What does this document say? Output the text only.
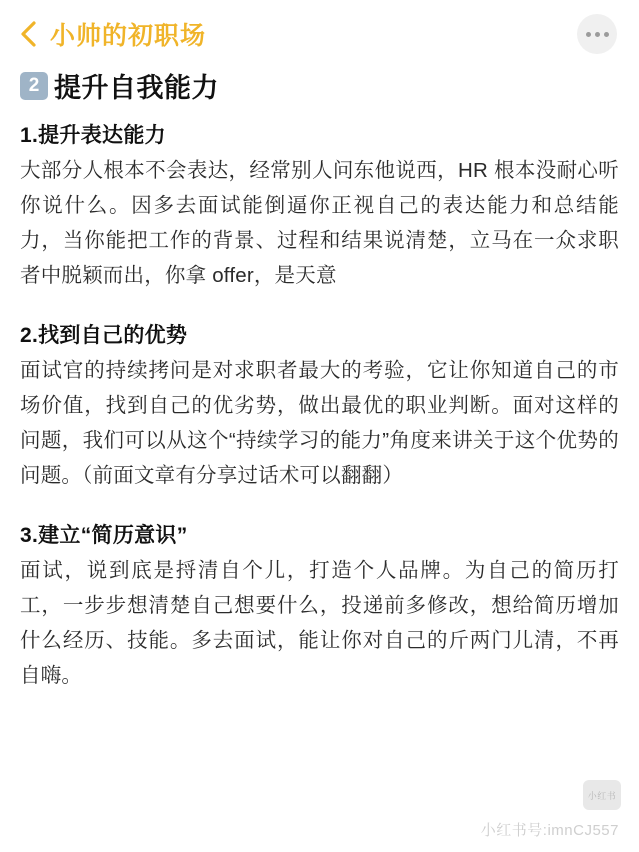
小帅的初职场
2 提升自我能力
1.提升表达能力

大部分人根本不会表达，经常别人问东他说西，HR 根本没耐心听你说什么。因多去面试能倒逼你正视自己的表达能力和总结能力，当你能把工作的背景、过程和结果说清楚，立马在一众求职者中脱颖而出，你拿 offer，是天意

2.找到自己的优势

面试官的持续拷问是对求职者最大的考验，它让你知道自己的市场价值，找到自己的优劣势，做出最优的职业判断。面对这样的问题，我们可以从这个“持续学习的能力”角度来讲关于这个优势的问题。（前面文章有分享过话术可以翻翻）

3.建立“简历意识”

面试，说到底是捋清自个儿，打造个人品牌。为自己的简历打工，一步步想清楚自己想要什么，投递前多修改，想给简历增加什么经历、技能。多去面试，能让你对自己的斤两门儿清，不再自嗨。

小红书
小红书号:imnCJ557
